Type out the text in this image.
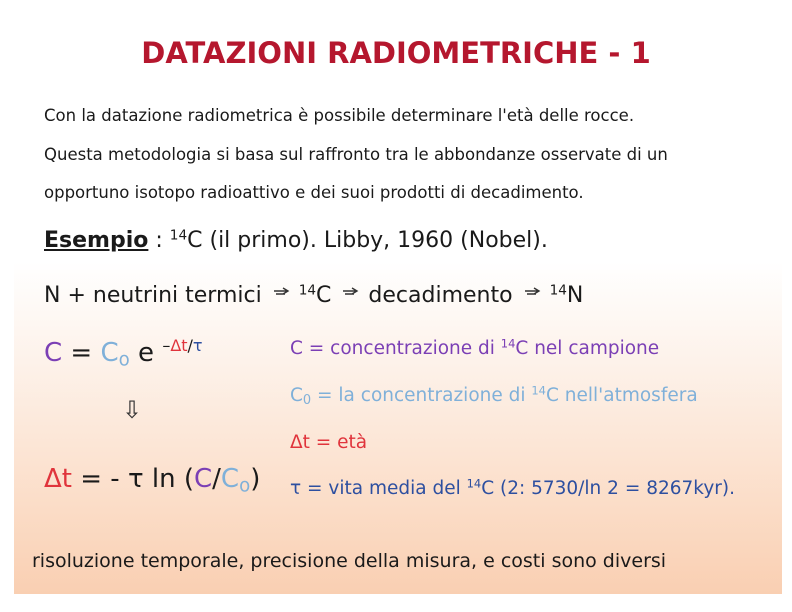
DATAZIONI RADIOMETRICHE - 1
Con la datazione radiometrica è possibile determinare l'età delle rocce.
Questa metodologia si basa sul raffronto tra le abbondanze osservate di un
opportuno isotopo radioattivo e dei suoi prodotti di decadimento.
Esempio : $^{14}$C (il primo). Libby, 1960 (Nobel).
N + neutrini termici	$^{14}$C decadimento	$^{14}$N
$C = C_o$ e $^{-\Delta t/\tau}$
⇩
Δt = - τ $\ln (C/C_o)$
C = concentrazione di $^{14}$C nel campione
$C_0$ = la concentrazione di $^{14}$C nell'atmosfera
Δt = età
τ = vita media del $^{14}$C (2: 5730/ln 2 = 8267kyr).
risoluzione temporale, precisione della misura, e costi sono diversi
